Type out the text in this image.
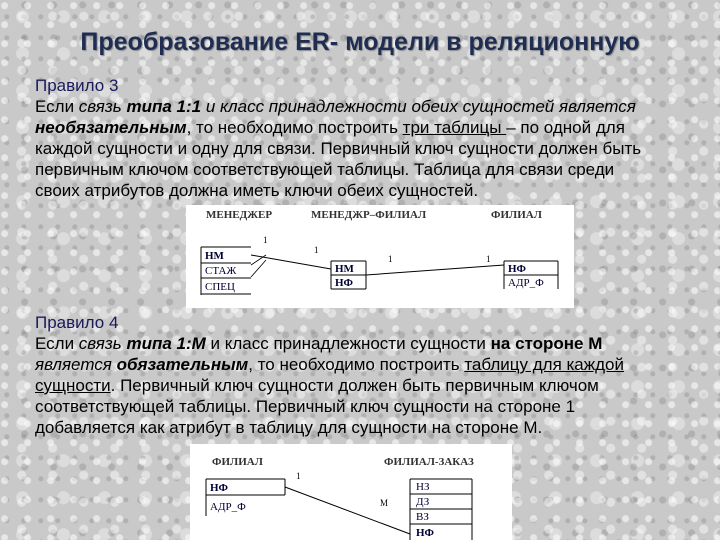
Преобразование ER- модели в реляционную

Правило 3

Если связь типа 1:1 и класс принадлежности обеих сущностей является

необязательным, то необходимо построить три таблицы – по одной для

каждой сущности и одну для связи. Первичный ключ сущности должен быть

первичным ключом соответствующей таблицы. Таблица для связи среди

своих атрибутов должна иметь ключи обеих сущностей.

МЕНЕДЖЕР	МЕНЕДЖР–ФИЛИАЛ	ФИЛИАЛ
НМ
СТАЖ
СПЕЦ
НМ
НФ
НФ
АДР_Ф
1
1
1	1

Правило 4

Если связь типа 1:М и класс принадлежности сущности на стороне М

является обязательным, то необходимо построить таблицу для каждой

сущности. Первичный ключ сущности должен быть первичным ключом

соответствующей таблицы. Первичный ключ сущности на стороне 1

добавляется как атрибут в таблицу для сущности на стороне М.

ФИЛИАЛ	ФИЛИАЛ-ЗАКАЗ
НФ
АДР_Ф
НЗ
ДЗ
ВЗ
НФ
1
М
